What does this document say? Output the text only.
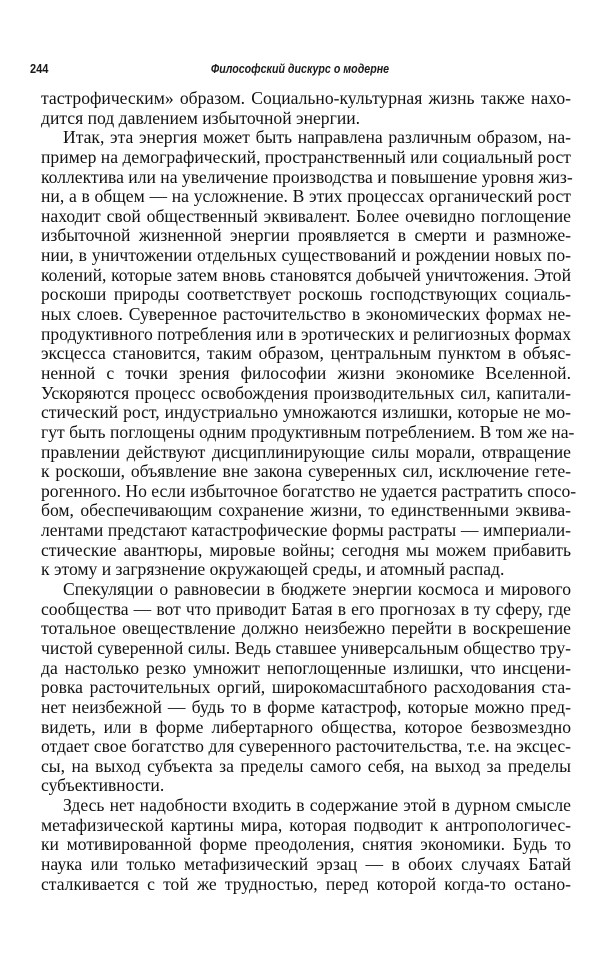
244	Философский дискурс о модерне
тастрофическим» образом. Социально-культурная жизнь также нахо-
дится под давлением избыточной энергии.
Итак, эта энергия может быть направлена различным образом, на-
пример на демографический, пространственный или социальный рост
коллектива или на увеличение производства и повышение уровня жиз-
ни, а в общем — на усложнение. В этих процессах органический рост
находит свой общественный эквивалент. Более очевидно поглощение
избыточной жизненной энергии проявляется в смерти и размноже-
нии, в уничтожении отдельных существований и рождении новых по-
колений, которые затем вновь становятся добычей уничтожения. Этой
роскоши природы соответствует роскошь господствующих социаль-
ных слоев. Суверенное расточительство в экономических формах не-
продуктивного потребления или в эротических и религиозных формах
эксцесса становится, таким образом, центральным пунктом в объяс-
ненной с точки зрения философии жизни экономике Вселенной.
Ускоряются процесс освобождения производительных сил, капитали-
стический рост, индустриально умножаются излишки, которые не мо-
гут быть поглощены одним продуктивным потреблением. В том же на-
правлении действуют дисциплинирующие силы морали, отвращение
к роскоши, объявление вне закона суверенных сил, исключение гете-
рогенного. Но если избыточное богатство не удается растратить спосо-
бом, обеспечивающим сохранение жизни, то единственными эквива-
лентами предстают катастрофические формы растраты — империали-
стические авантюры, мировые войны; сегодня мы можем прибавить
к этому и загрязнение окружающей среды, и атомный распад.
Спекуляции о равновесии в бюджете энергии космоса и мирового
сообщества — вот что приводит Батая в его прогнозах в ту сферу, где
тотальное овеществление должно неизбежно перейти в воскрешение
чистой суверенной силы. Ведь ставшее универсальным общество тру-
да настолько резко умножит непоглощенные излишки, что инсцени-
ровка расточительных оргий, широкомасштабного расходования ста-
нет неизбежной — будь то в форме катастроф, которые можно пред-
видеть, или в форме либертарного общества, которое безвозмездно
отдает свое богатство для суверенного расточительства, т.е. на эксцес-
сы, на выход субъекта за пределы самого себя, на выход за пределы
субъективности.
Здесь нет надобности входить в содержание этой в дурном смысле
метафизической картины мира, которая подводит к антропологичес-
ки мотивированной форме преодоления, снятия экономики. Будь то
наука или только метафизический эрзац — в обоих случаях Батай
сталкивается с той же трудностью, перед которой когда-то остано-
